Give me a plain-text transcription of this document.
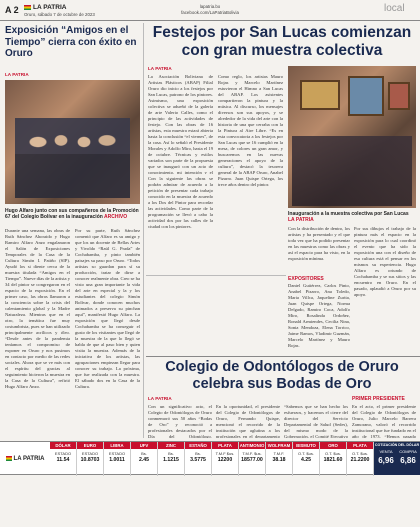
A 2 LA PATRIA
Oruro, sábado 7 de octubre de 2023
lapatria.bo
facebook.com/LaPatriaBolivia	local
Exposición “Amigos en el Tiempo” cierra con éxito en Oruro
LA PATRIA
Hugo Alfaro junto con sus compañeros de la Promoción 67 del Colegio Bolívar en la inauguración ARCHIVO
Durante una semana, las obras de Ruth Sánchez Ahoraido y Hugo Ramiro Alfaro Anzo engalanaron el Salón de Exposiciones Temporales de la Casa de la Cultura Simón I. Patiño (SIP). Ayudó los si diente cerca de la muestra titulada “Amigos en el Tiempo”. Nueve días de la artista y 34 del pintor se congregaron en el espacio de la exposición. En el primer caso, las obras llamaron a la conciencia sobre la crisis del calentamiento global y la Madre Naturaleza. Mientras que en el otro, la temática fue muy costumbrista, pues se han utilizado principalmente acrílicos y óleo. “Desde antes de la pandemia teníamos el compromiso de exponer en Oruro y nos pusimos en contacto por medio de las redes sociales. Ahora que se ve más con el espíritu del gracias al seguimiento hicieron la muestra en la Casa de la Cultura”, refirió Hugo Alfaro Anzo.
Por su parte, Ruth Sánchez comentó que Alfaro es su amigo y que los un docente de Bellas Artes y Vivoldo “Raúl G. Prada” de Cochabamba, y pinto también paisajes su paso por Oruro. “Todos artistas so guardan para sí su producción, tratar de dirse a conocer realmente obra. Creo se ha visto una gran importante la vida del arte en especial y la y los estudiantes del colegio Simón Bolívar, donde conocen muchos animados a preserva su pinchan aquí”, manifestó Hugo Alfaro. La exposición que llegó desde Cochabamba se ha conseguir el gusto de los visitantes que llegó de la muestra de la que lo llegó se habla de que al paso bien y quien visita la muestra. Además de la iniciativa de los artistas, las agrupaciones empiezan llegar para conocer su trabajo. La próxima, que fue realizada con la muestra. El sábado dos en la Casa de la Cultura.
Festejos por San Lucas comienzan con gran muestra colectiva
LA PATRIA
La Asociación Boliviana de Artistas Plásticos (ABAP) Filial Oruro dio inicio a los festejos por San Lucas, patrono de los pintores. Asimismo, una exposición colectiva se adueñó de la galería de arte Valerio Calles, como el principio de las actividades de festejo. Con las obras de 16 artistas, esta muestra estará abierta hasta la conclusión “el viernes”, de la casa. Así lo señaló el Presidente Morales y Adolfo Miro, hasta el 19 de octubre. Técnicas y estilos variados son parte de la propuesta que se inauguró con un acto de conocimiento, mi intención y el
Con la siguiente las obras se podrán admirar de acuerdo a la petición de presentar cada trabajo conocido en la muestra de acuerdo a los Dos del Pintor para recordar las actividades. Como parte de la programación se llevó a cabo la actividad dos por las calles de la ciudad con los pintores.
Como reglo, los artistas Mauro Rojas y Marcelo Martínez estuvieron el Himno a San Lucas del ABAP. Los asistentes compartieron la pintura y la música. Al discurso, los mensajes diversos son sus apoyos, y se alrededor de la vida del arte con la historia de una que cerraba con la la Pintura al Aire Libre. “Es en esta convocatoria a los festejos por San Lucas que se 16 cumplió en la mesa, de colores un gran amor, y buscaremos en las nuevas generaciones el apoyo de la cultura”, destacó la tesorera general de la ABAP Oruro, Anabel Pizarro. Juan Quispe Ortega, los trece años dentro del pintor.
Inauguración a la muestra colectiva por San Lucas LA PATRIA
Con la distribución de dentro, los artistas y ha presentado y el que toda vez que ha podido presentar en las muestras como las obras y así el espacio para ha visto, en la exposición mínima.
EXPOSITORES
Daniel Gutiérrez, Carlos Pinto, Anabel Pizarro, Ana Toledo, Maria Villca, Jaqueline Zurita, Juan Quispe Ortega, Norma Delgado, Ramiro Coca, Adolfo Miro, Rosalinda Ordoñez, Ronald Armiendes, Cecilia Nina, Sonia Mendoza, Elena Torrico, Jaime Ramos, Vladimir Guzmán, Marcelo Martínez y Mauro Rojas.
Por sus dibujos el trabajo de la pintura más el espacio en la exposición para lo cual coordinó el evento que ha sido la exposición una con el diseño de esa cultura está el pensar en los mismos su experiencia. Hugo Alfaro es oriundo de Cochabamba y se sus sitios y las encuentro en Oruro. En el pasado, aplaudió a Oruro por su apoyo.
Colegio de Odontólogos de Oruro celebra sus Bodas de Oro
LA PATRIA
Con un significativo acto, el Colegio de Odontólogos de Oruro conmemoró sus 50 años “Bodas de Oro” y reconoció a profesionales destacados por el Día del Odontólogo.
En la oportunidad, el presidente del Colegio de Odontólogos de Oruro, Fernando Quispe, mencionó el recorrido de la institución que aglutina a los profesionales en el departamento
“Sabemos que se han hecho los esfuerzos, y hacemos el cierre del director del Servicio Departamental de Salud (Sedes), del mismo modo de la Gobernación, el Comité Ejecutivo
PRIMER PRESIDENTE
En el acto, el primer presidente del Colegio de Odontólogos de Oruro, Julio Marcelo Barrera Zamorano, valoró el recorrido institucional que fue fundado en el año de 1973. “Hemos pasado
LA PATRIA
DÓLAR
ESTADO
11.54
EURO
ESTADO
10.8703
LIBRA
ESTADO
1.0011
UFV
Bs.
2.45
ZINC
Bs.
1.1215
ESTAÑO
Bs.
3.5775
PLATA
T.M.F $us.
12200
ANTIMONIO
T.M.F. $us.
18577.00
WOLFRAM
T.M.F.
38.18
BISMUTO
O.T. $us.
4.25
ORO
O.T. $us.
1821.60
PLATA
O.T. $us.
21.2200
COTIZACIÓN DEL DÓLAR
VENTA	COMPRA
6,96 6,86
